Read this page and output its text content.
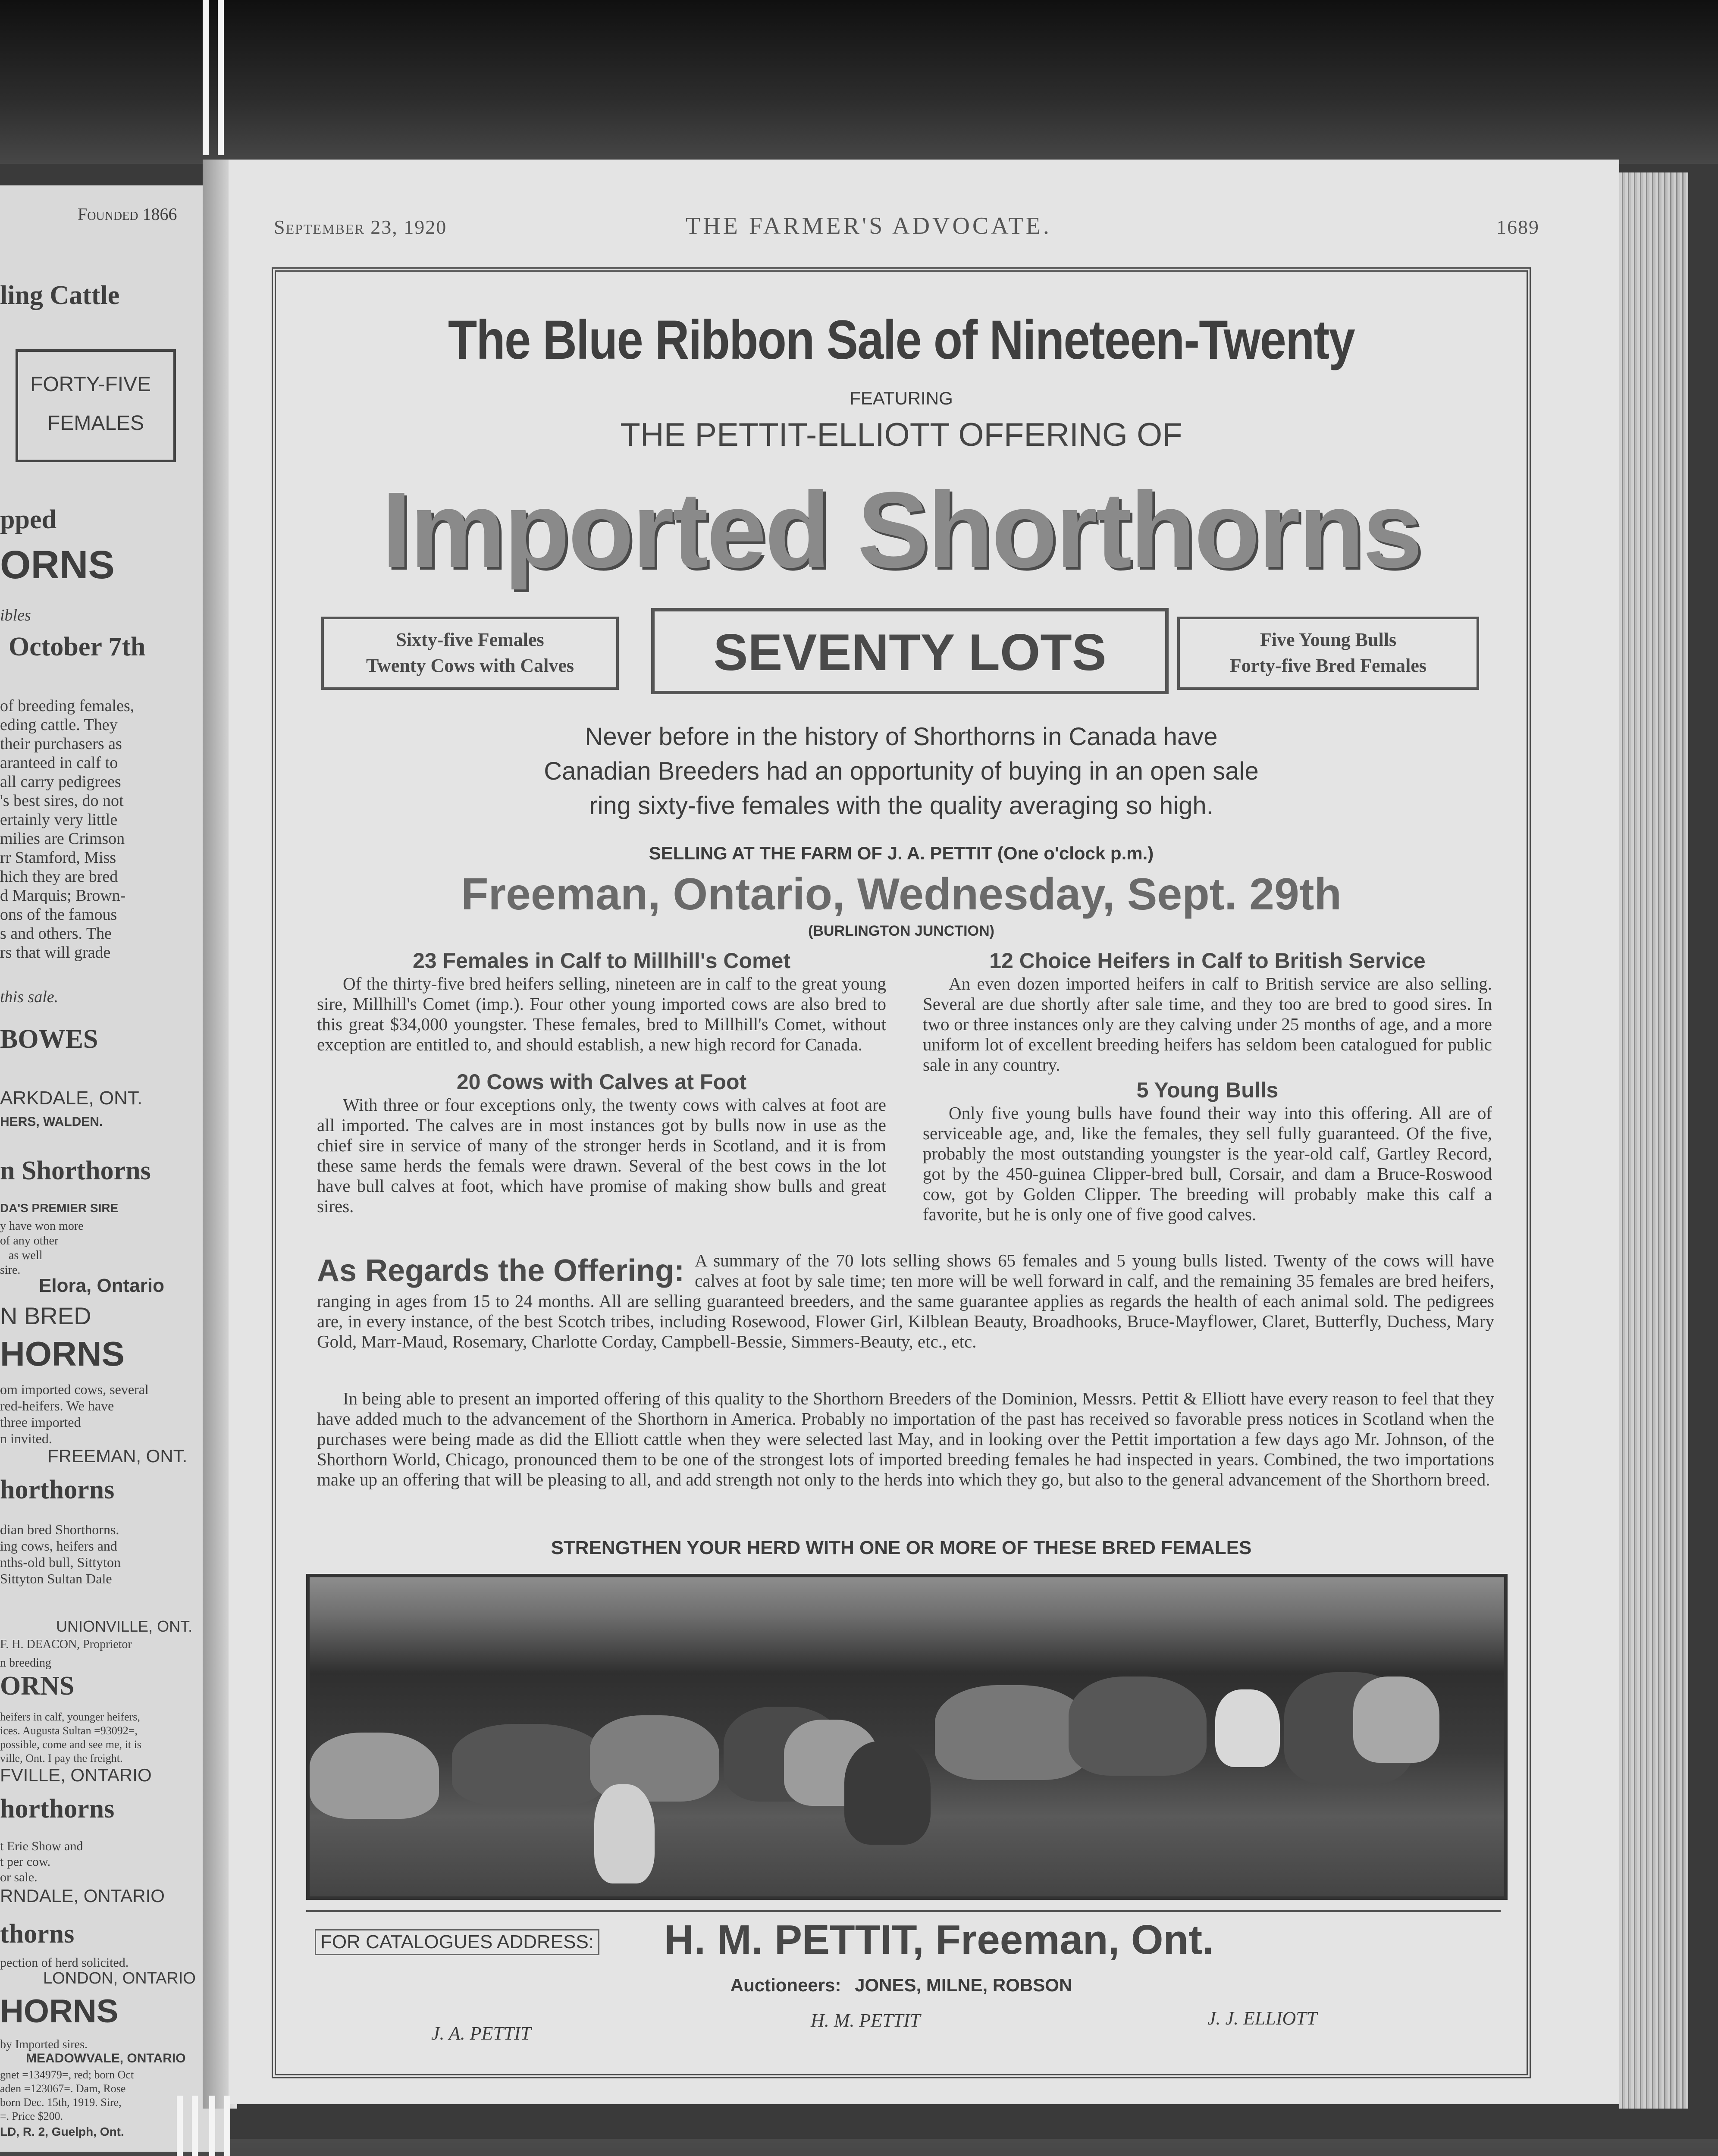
Founded 1866
ling Cattle
FORTY-FIVE
FEMALES
pped
ORNS
ibles
October 7th
of breeding females,
eding cattle. They
their purchasers as
aranteed in calf to
all carry pedigrees
's best sires, do not
ertainly very little
milies are Crimson
rr Stamford, Miss
hich they are bred
d Marquis; Brown-
ons of the famous
s and others. The
rs that will grade
this sale.
BOWES
ARKDALE, ONT.
HERS, WALDEN.
n Shorthorns
DA'S PREMIER SIRE
y have won more
of any other
as well
sire.
Elora, Ontario
N BRED
HORNS
om imported cows, several
red-heifers. We have
three imported
n invited.
FREEMAN, ONT.
horthorns
dian bred Shorthorns.
ing cows, heifers and
nths-old bull, Sittyton
Sittyton Sultan Dale
UNIONVILLE, ONT.
F. H. DEACON, Proprietor
n breeding
ORNS
heifers in calf, younger heifers,
ices. Augusta Sultan =93092=,
possible, come and see me, it is
ville, Ont. I pay the freight.
FVILLE, ONTARIO
horthorns
t Erie Show and
t per cow.
or sale.
RNDALE, ONTARIO
thorns
pection of herd solicited.
LONDON, ONTARIO
HORNS
by Imported sires.
MEADOWVALE, ONTARIO
gnet =134979=, red; born Oct
aden =123067=. Dam, Rose
born Dec. 15th, 1919. Sire,
=. Price $200.
LD, R. 2, Guelph, Ont.
September 23, 1920	THE FARMER'S ADVOCATE.	1689
The Blue Ribbon Sale of Nineteen-Twenty
FEATURING
THE PETTIT-ELLIOTT OFFERING OF
Imported Shorthorns
Sixty-five Females
Twenty Cows with Calves	SEVENTY LOTS	Five Young Bulls
Forty-five Bred Females
Never before in the history of Shorthorns in Canada have
Canadian Breeders had an opportunity of buying in an open sale
ring sixty-five females with the quality averaging so high.
SELLING AT THE FARM OF J. A. PETTIT (One o'clock p.m.)
Freeman, Ontario, Wednesday, Sept. 29th
(BURLINGTON JUNCTION)
23 Females in Calf to Millhill's Comet

Of the thirty-five bred heifers selling, nineteen are in calf to the great young sire, Millhill's Comet (imp.). Four other young imported cows are also bred to this great $34,000 youngster. These females, bred to Millhill's Comet, without exception are entitled to, and should establish, a new high record for Canada.

20 Cows with Calves at Foot

With three or four exceptions only, the twenty cows with calves at foot are all imported. The calves are in most instances got by bulls now in use as the chief sire in service of many of the stronger herds in Scotland, and it is from these same herds the femals were drawn. Several of the best cows in the lot have bull calves at foot, which have promise of making show bulls and great sires.

12 Choice Heifers in Calf to British Service

An even dozen imported heifers in calf to British service are also selling. Several are due shortly after sale time, and they too are bred to good sires. In two or three instances only are they calving under 25 months of age, and a more uniform lot of excellent breeding heifers has seldom been catalogued for public sale in any country.

5 Young Bulls

Only five young bulls have found their way into this offering. All are of serviceable age, and, like the females, they sell fully guaranteed. Of the five, probably the most outstanding youngster is the year-old calf, Gartley Record, got by the 450-guinea Clipper-bred bull, Corsair, and dam a Bruce-Roswood cow, got by Golden Clipper. The breeding will probably make this calf a favorite, but he is only one of five good calves.

As Regards the Offering: A summary of the 70 lots selling shows 65 females and 5 young bulls listed. Twenty of the cows will have calves at foot by sale time; ten more will be well forward in calf, and the remaining 35 females are bred heifers, ranging in ages from 15 to 24 months. All are selling guaranteed breeders, and the same guarantee applies as regards the health of each animal sold. The pedigrees are, in every instance, of the best Scotch tribes, including Rosewood, Flower Girl, Kilblean Beauty, Broadhooks, Bruce-Mayflower, Claret, Butterfly, Duchess, Mary Gold, Marr-Maud, Rosemary, Charlotte Corday, Campbell-Bessie, Simmers-Beauty, etc., etc.

In being able to present an imported offering of this quality to the Shorthorn Breeders of the Dominion, Messrs. Pettit & Elliott have every reason to feel that they have added much to the advancement of the Shorthorn in America. Probably no importation of the past has received so favorable press notices in Scotland when the purchases were being made as did the Elliott cattle when they were selected last May, and in looking over the Pettit importation a few days ago Mr. Johnson, of the Shorthorn World, Chicago, pronounced them to be one of the strongest lots of imported breeding females he had inspected in years. Combined, the two importations make up an offering that will be pleasing to all, and add strength not only to the herds into which they go, but also to the general advancement of the Shorthorn breed.

STRENGTHEN YOUR HERD WITH ONE OR MORE OF THESE BRED FEMALES
FOR CATALOGUES ADDRESS: H. M. PETTIT, Freeman, Ont.
Auctioneers: JONES, MILNE, ROBSON
J. A. PETTIT
H. M. PETTIT	J. J. ELLIOTT
